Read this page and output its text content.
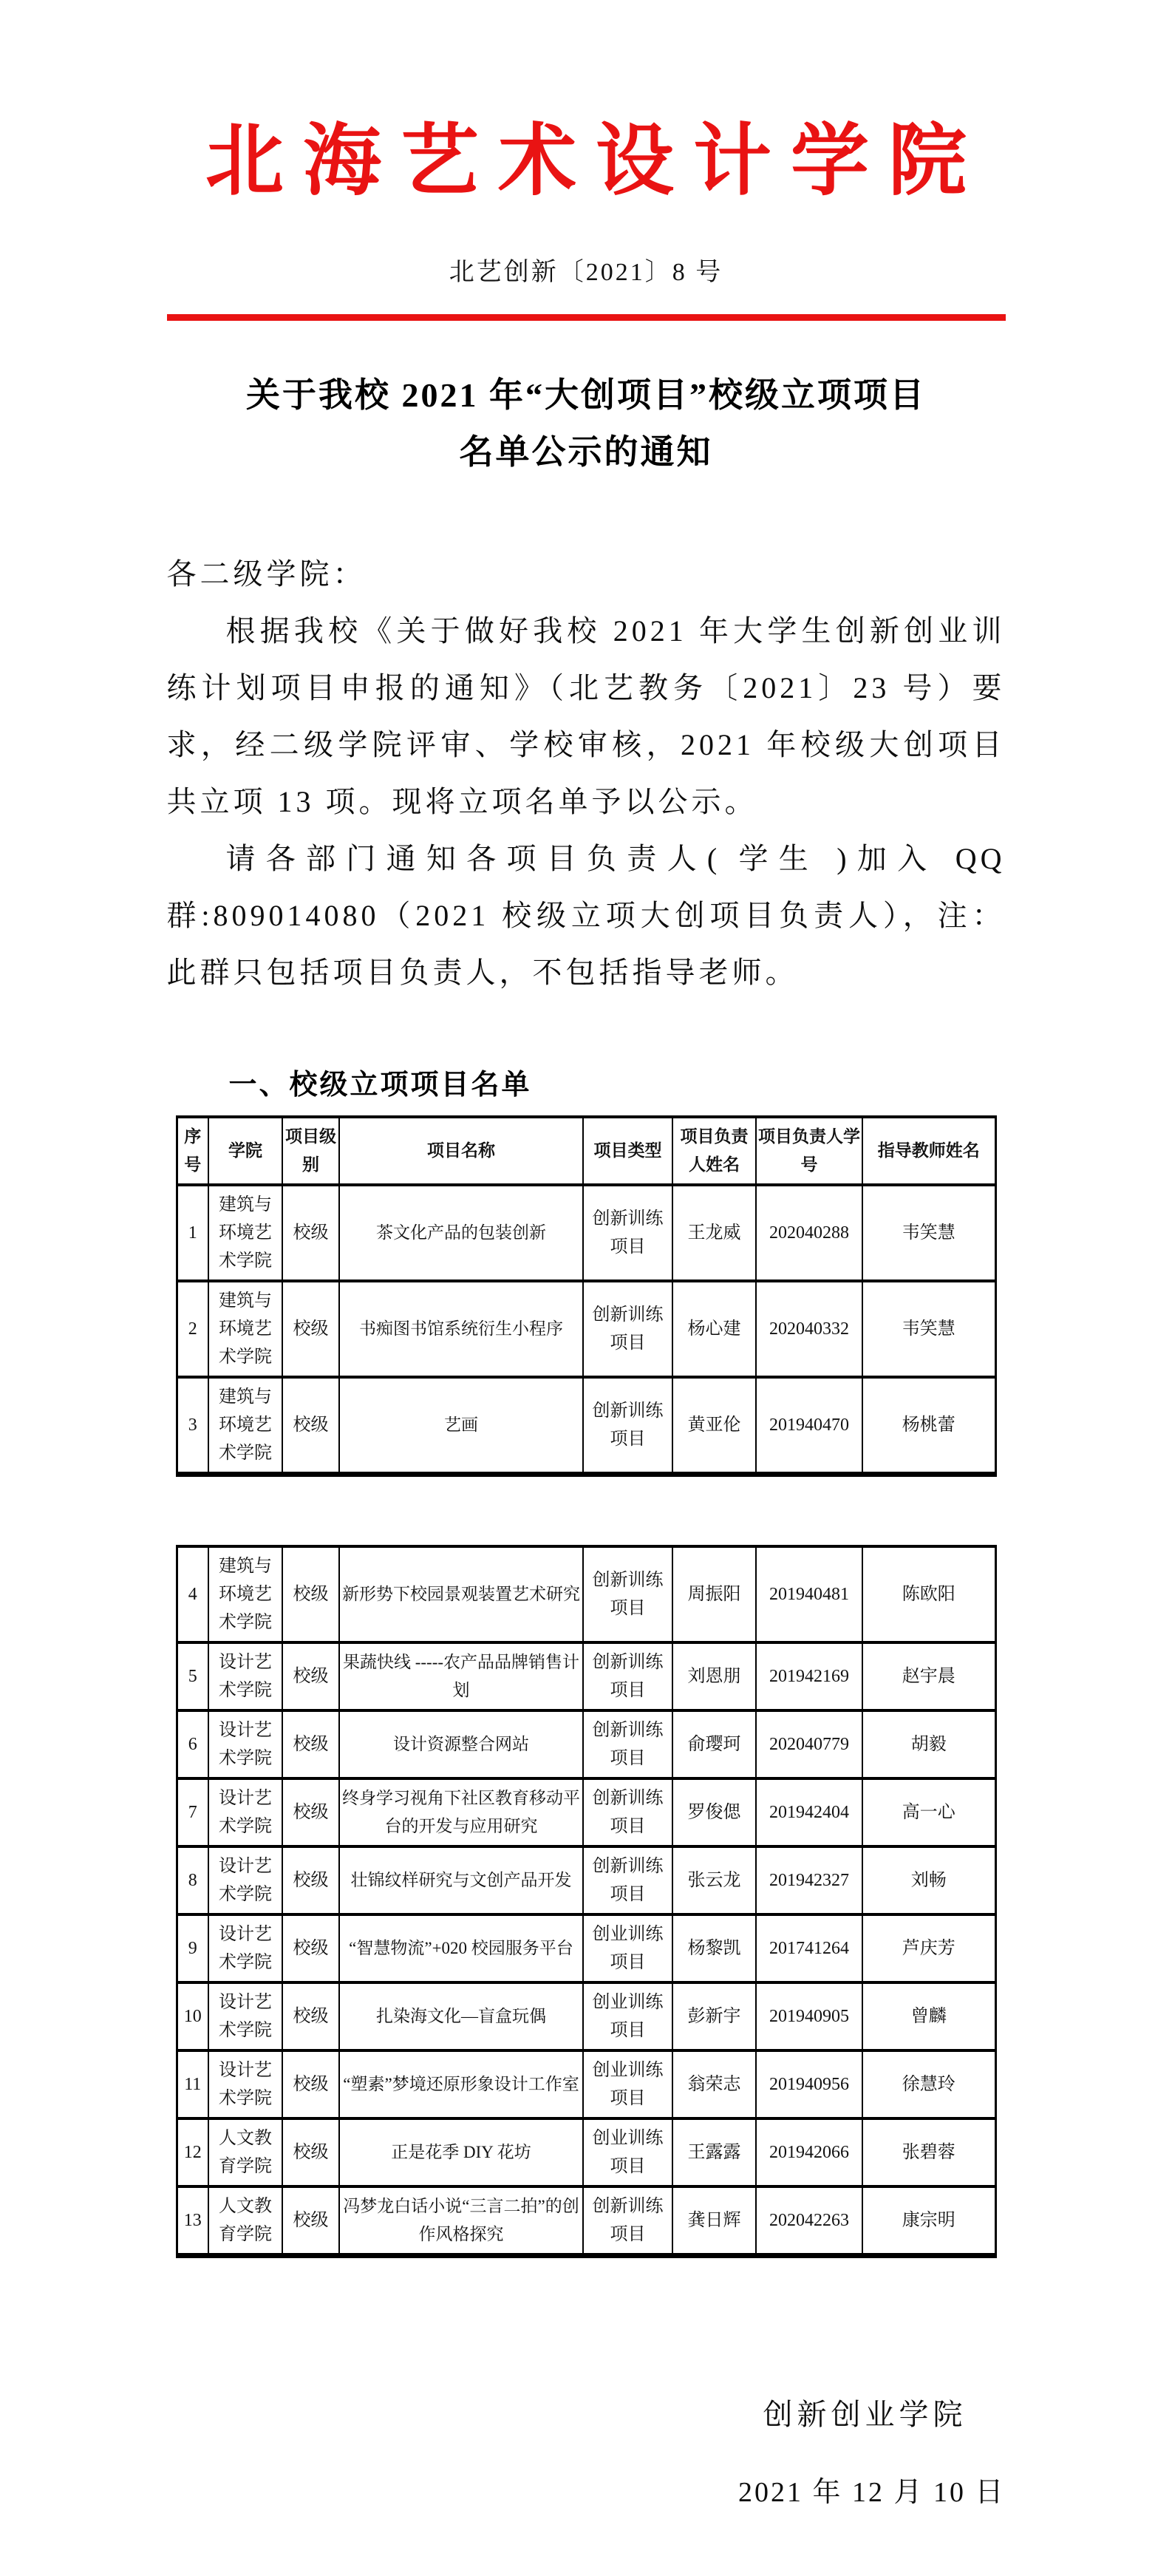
北海艺术设计学院
北艺创新〔2021〕8 号
关于我校 2021 年“大创项目”校级立项项目
名单公示的通知
各二级学院：

根据我校《关于做好我校 2021 年大学生创新创业训练计划项目申报的通知》（北艺教务〔2021〕23 号）要求，经二级学院评审、学校审核，2021 年校级大创项目共立项 13 项。现将立项名单予以公示。

请各部门通知各项目负责人( 学生 )加入 QQ 群:809014080（2021 校级立项大创项目负责人），注：此群只包括项目负责人，不包括指导老师。

一、校级立项项目名单
序号	学院	项目级别	项目名称	项目类型	项目负责人姓名	项目负责人学号	指导教师姓名
1	建筑与环境艺术学院	校级	茶文化产品的包装创新	创新训练项目	王龙威	202040288	韦笑慧
2	建筑与环境艺术学院	校级	书痴图书馆系统衍生小程序	创新训练项目	杨心建	202040332	韦笑慧
3	建筑与环境艺术学院	校级	艺画	创新训练项目	黄亚伦	201940470	杨桃蕾
4	建筑与环境艺术学院	校级	新形势下校园景观装置艺术研究	创新训练项目	周振阳	201940481	陈欧阳
5	设计艺术学院	校级	果蔬快线 -----农产品品牌销售计划	创新训练项目	刘恩朋	201942169	赵宇晨
6	设计艺术学院	校级	设计资源整合网站	创新训练项目	俞璎珂	202040779	胡毅
7	设计艺术学院	校级	终身学习视角下社区教育移动平台的开发与应用研究	创新训练项目	罗俊偲	201942404	高一心
8	设计艺术学院	校级	壮锦纹样研究与文创产品开发	创新训练项目	张云龙	201942327	刘畅
9	设计艺术学院	校级	“智慧物流”+020 校园服务平台	创业训练项目	杨黎凯	201741264	芦庆芳
10	设计艺术学院	校级	扎染海文化—盲盒玩偶	创业训练项目	彭新宇	201940905	曾麟
11	设计艺术学院	校级	“塑素”梦境还原形象设计工作室	创业训练项目	翁荣志	201940956	徐慧玲
12	人文教育学院	校级	正是花季 DIY 花坊	创业训练项目	王露露	201942066	张碧蓉
13	人文教育学院	校级	冯梦龙白话小说“三言二拍”的创作风格探究	创新训练项目	龚日辉	202042263	康宗明
创新创业学院
2021 年 12 月 10 日
